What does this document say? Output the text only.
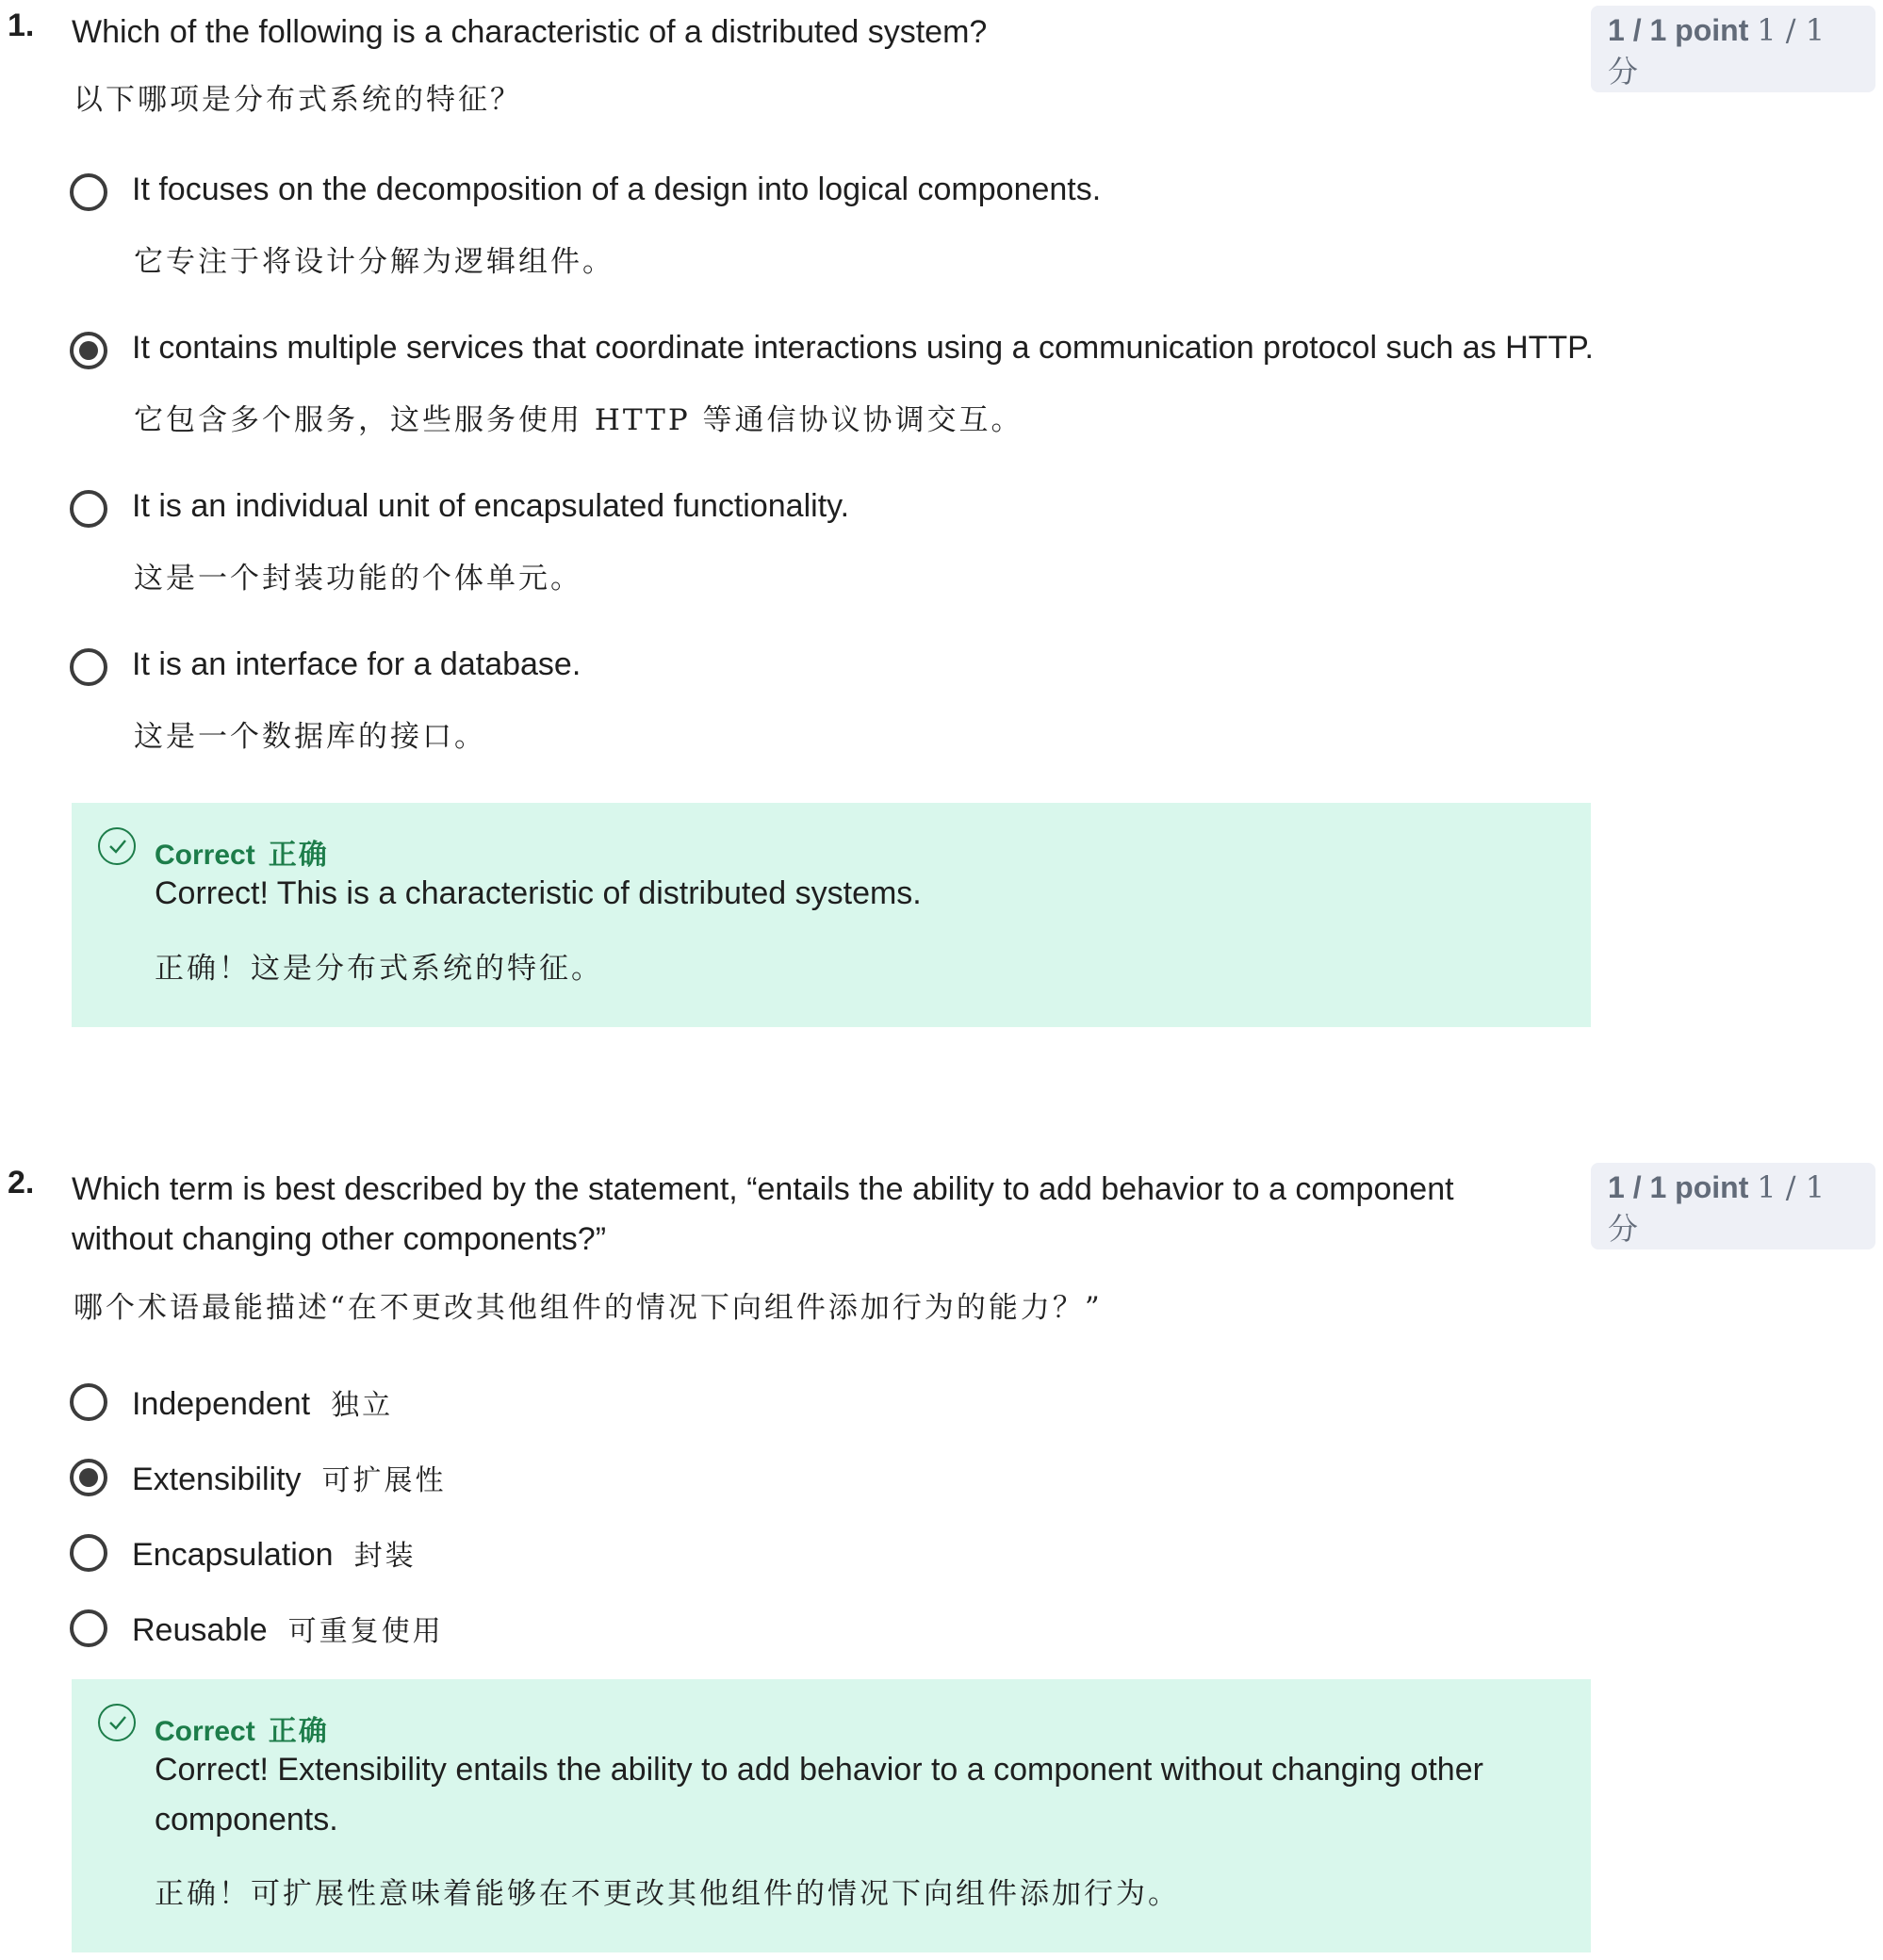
1. Which of the following is a characteristic of a distributed system?
以下哪项是分布式系统的特征？
1 / 1 point 1 / 1 分
It focuses on the decomposition of a design into logical components.
它专注于将设计分解为逻辑组件。
It contains multiple services that coordinate interactions using a communication protocol such as HTTP.
它包含多个服务，这些服务使用 HTTP 等通信协议协调交互。
It is an individual unit of encapsulated functionality.
这是一个封装功能的个体单元。
It is an interface for a database.
这是一个数据库的接口。
Correct 正确
Correct! This is a characteristic of distributed systems.
正确！这是分布式系统的特征。
2. Which term is best described by the statement, “entails the ability to add behavior to a component without changing other components?”
哪个术语最能描述“在不更改其他组件的情况下向组件添加行为的能力？”
1 / 1 point 1 / 1 分
Independent 独立
Extensibility 可扩展性
Encapsulation 封装
Reusable 可重复使用
Correct 正确
Correct! Extensibility entails the ability to add behavior to a component without changing other components.
正确！可扩展性意味着能够在不更改其他组件的情况下向组件添加行为。
